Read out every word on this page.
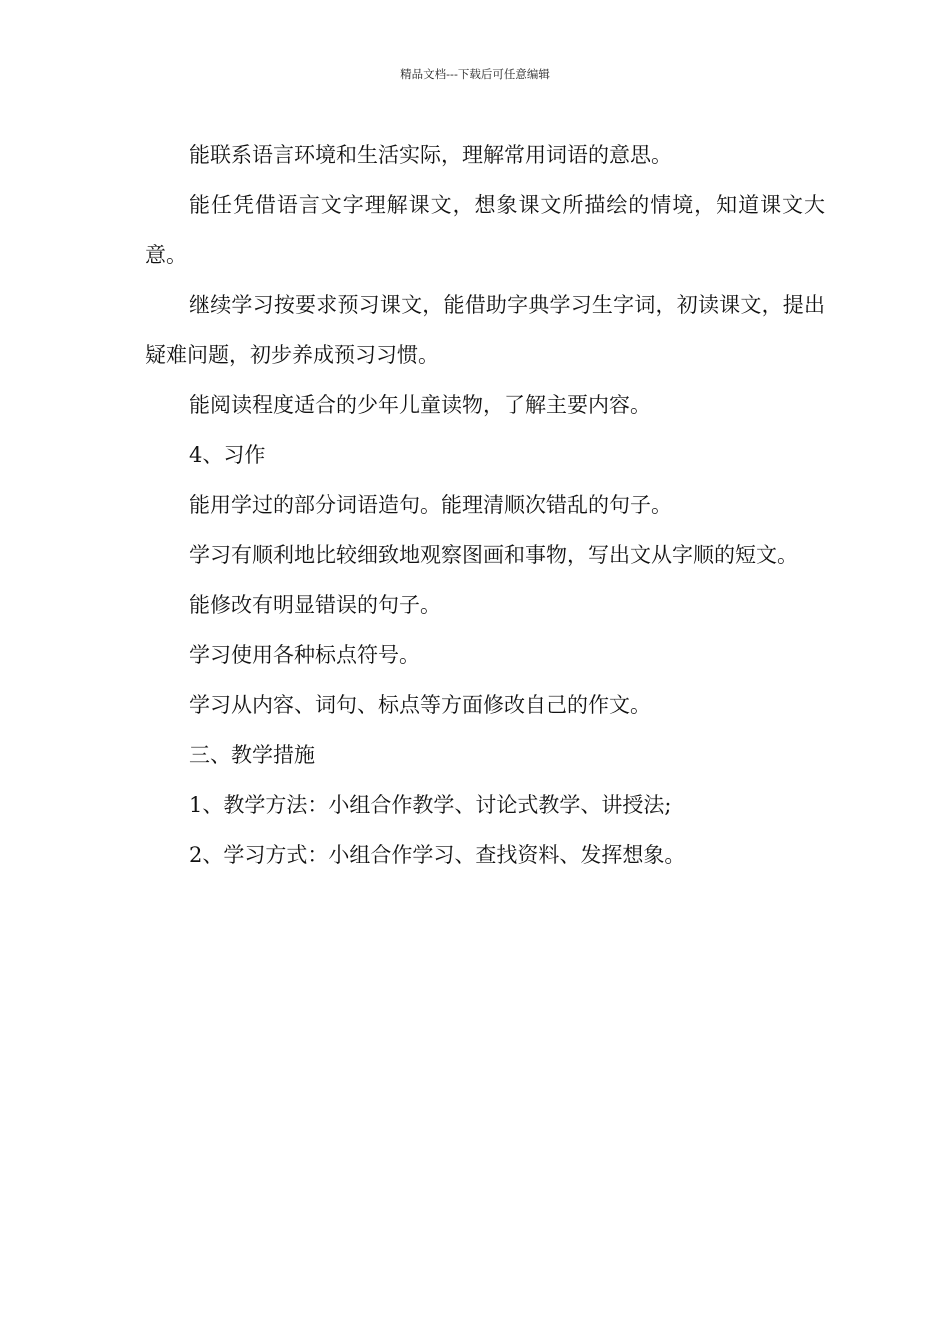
精品文档---下载后可任意编辑

能联系语言环境和生活实际，理解常用词语的意思。

能任凭借语言文字理解课文，想象课文所描绘的情境，知道课文大意。

继续学习按要求预习课文，能借助字典学习生字词，初读课文，提出疑难问题，初步养成预习习惯。

能阅读程度适合的少年儿童读物，了解主要内容。

4、习作

能用学过的部分词语造句。能理清顺次错乱的句子。

学习有顺利地比较细致地观察图画和事物，写出文从字顺的短文。

能修改有明显错误的句子。

学习使用各种标点符号。

学习从内容、词句、标点等方面修改自己的作文。

三、教学措施

1、教学方法：小组合作教学、讨论式教学、讲授法;

2、学习方式：小组合作学习、查找资料、发挥想象。
